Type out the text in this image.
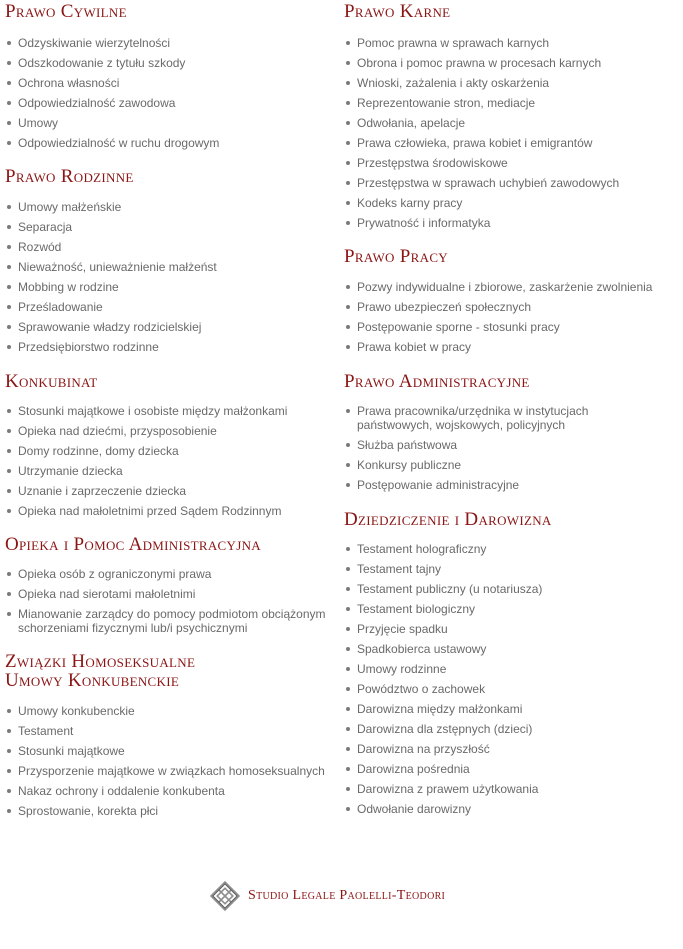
Prawo Cywilne
Odzyskiwanie wierzytelności
Odszkodowanie z tytułu szkody
Ochrona własności
Odpowiedzialność zawodowa
Umowy
Odpowiedzialność w ruchu drogowym
Prawo Rodzinne
Umowy małżeńskie
Separacja
Rozwód
Nieważność, unieważnienie małżeńst
Mobbing w rodzine
Prześladowanie
Sprawowanie władzy rodzicielskiej
Przedsiębiorstwo rodzinne
Konkubinat
Stosunki majątkowe i osobiste między małżonkami
Opieka nad dziećmi, przysposobienie
Domy rodzinne, domy dziecka
Utrzymanie dziecka
Uznanie i zaprzeczenie dziecka
Opieka nad małoletnimi przed Sądem Rodzinnym
Opieka i Pomoc Administracyjna
Opieka osób z ograniczonymi prawa
Opieka nad sierotami małoletnimi
Mianowanie zarządcy do pomocy podmiotom obciążonym schorzeniami fizycznymi lub/i psychicznymi
Związki Homoseksualne
Umowy Konkubenckie
Umowy konkubenckie
Testament
Stosunki majątkowe
Przysporzenie majątkowe w związkach homoseksualnych
Nakaz ochrony i oddalenie konkubenta
Sprostowanie, korekta płci
Prawo Karne
Pomoc prawna w sprawach karnych
Obrona i pomoc prawna w procesach karnych
Wnioski, zażalenia i akty oskarżenia
Reprezentowanie stron, mediacje
Odwołania, apelacje
Prawa człowieka, prawa kobiet i emigrantów
Przestępstwa środowiskowe
Przestępstwa w sprawach uchybień zawodowych
Kodeks karny pracy
Prywatność i informatyka
Prawo Pracy
Pozwy indywidualne i zbiorowe, zaskarżenie zwolnienia
Prawo ubezpieczeń społecznych
Postępowanie sporne - stosunki pracy
Prawa kobiet w pracy
Prawo Administracyjne
Prawa pracownika/urzędnika w instytucjach państwowych, wojskowych, policyjnych
Służba państwowa
Konkursy publiczne
Postępowanie administracyjne
Dziedziczenie i Darowizna
Testament holograficzny
Testament tajny
Testament publiczny (u notariusza)
Testament biologiczny
Przyjęcie spadku
Spadkobierca ustawowy
Umowy rodzinne
Powództwo o zachowek
Darowizna między małżonkami
Darowizna dla zstępnych (dzieci)
Darowizna na przyszłość
Darowizna pośrednia
Darowizna z prawem użytkowania
Odwołanie darowizny
Studio Legale Paolelli-Teodori
